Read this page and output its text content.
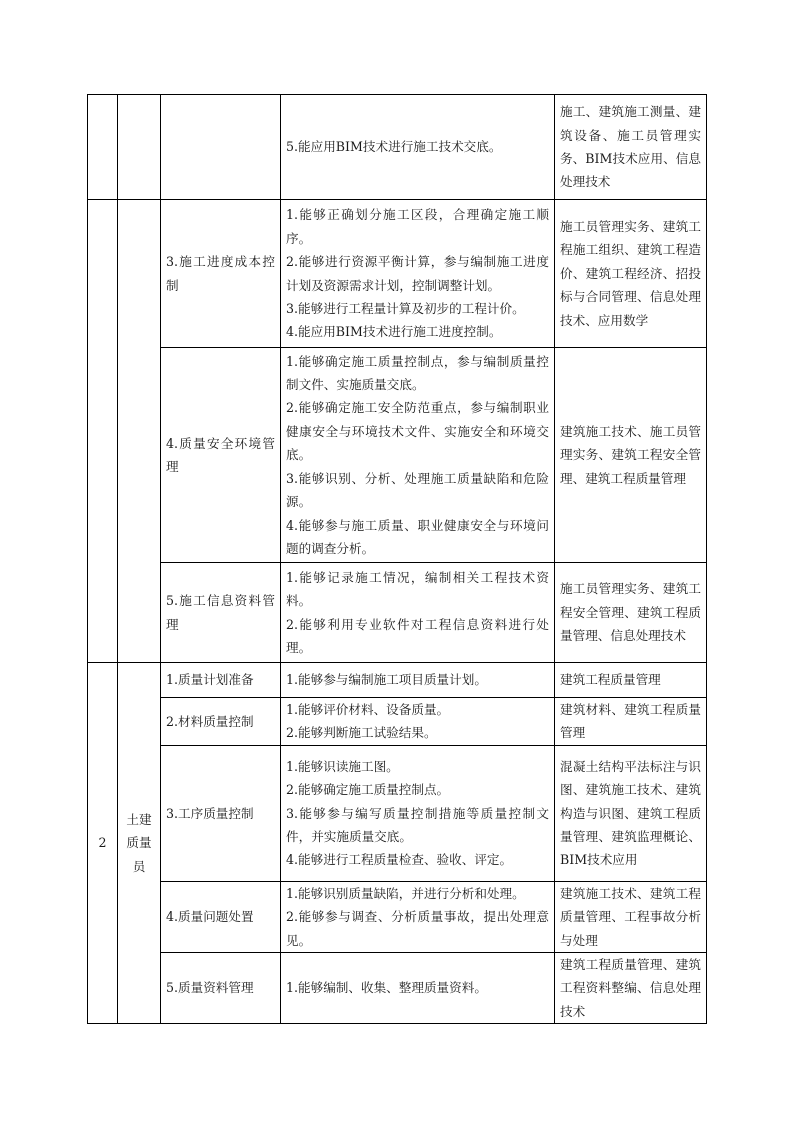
			5.能应用BIM技术进行施工技术交底。	施工、建筑施工测量、建筑设备、施工员管理实务、BIM技术应用、信息处理技术
		3.施工进度成本控制	1.能够正确划分施工区段，合理确定施工顺序。
2.能够进行资源平衡计算，参与编制施工进度计划及资源需求计划，控制调整计划。
3.能够进行工程量计算及初步的工程计价。
4.能应用BIM技术进行施工进度控制。	施工员管理实务、建筑工程施工组织、建筑工程造价、建筑工程经济、招投标与合同管理、信息处理技术、应用数学
		4.质量安全环境管理	1.能够确定施工质量控制点，参与编制质量控制文件、实施质量交底。
2.能够确定施工安全防范重点，参与编制职业健康安全与环境技术文件、实施安全和环境交底。
3.能够识别、分析、处理施工质量缺陷和危险源。
4.能够参与施工质量、职业健康安全与环境问题的调查分析。	建筑施工技术、施工员管理实务、建筑工程安全管理、建筑工程质量管理
		5.施工信息资料管理	1.能够记录施工情况，编制相关工程技术资料。
2.能够利用专业软件对工程信息资料进行处理。	施工员管理实务、建筑工程安全管理、建筑工程质量管理、信息处理技术
2	土建质量员	1.质量计划准备	1.能够参与编制施工项目质量计划。	建筑工程质量管理
		2.材料质量控制	1.能够评价材料、设备质量。
2.能够判断施工试验结果。	建筑材料、建筑工程质量管理
		3.工序质量控制	1.能够识读施工图。
2.能够确定施工质量控制点。
3.能够参与编写质量控制措施等质量控制文件，并实施质量交底。
4.能够进行工程质量检查、验收、评定。	混凝土结构平法标注与识图、建筑施工技术、建筑构造与识图、建筑工程质量管理、建筑监理概论、BIM技术应用
		4.质量问题处置	1.能够识别质量缺陷，并进行分析和处理。
2.能够参与调查、分析质量事故，提出处理意见。	建筑施工技术、建筑工程质量管理、工程事故分析与处理
		5.质量资料管理	1.能够编制、收集、整理质量资料。	建筑工程质量管理、建筑工程资料整编、信息处理技术
